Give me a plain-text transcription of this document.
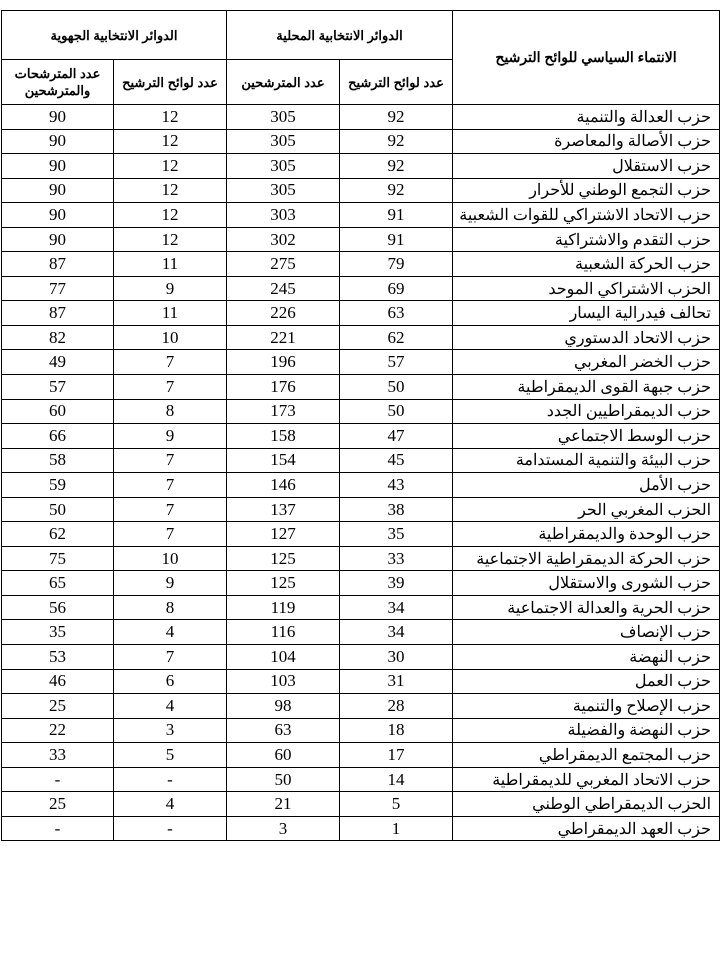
الدوائر الانتخابية الجهوية		الدوائر الانتخابية المحلية		الانتماء السياسي للوائح الترشيح
عدد المترشحات والمترشحين	عدد لوائح الترشيح	عدد المترشحين	عدد لوائح الترشيح	
90	12	305	92	حزب العدالة والتنمية
90	12	305	92	حزب الأصالة والمعاصرة
90	12	305	92	حزب الاستقلال
90	12	305	92	حزب التجمع الوطني للأحرار
90	12	303	91	حزب الاتحاد الاشتراكي للقوات الشعبية
90	12	302	91	حزب التقدم والاشتراكية
87	11	275	79	حزب الحركة الشعبية
77	9	245	69	الحزب الاشتراكي الموحد
87	11	226	63	تحالف فيدرالية اليسار
82	10	221	62	حزب الاتحاد الدستوري
49	7	196	57	حزب الخضر المغربي
57	7	176	50	حزب جبهة القوى الديمقراطية
60	8	173	50	حزب الديمقراطيين الجدد
66	9	158	47	حزب الوسط الاجتماعي
58	7	154	45	حزب البيئة والتنمية المستدامة
59	7	146	43	حزب الأمل
50	7	137	38	الحزب المغربي الحر
62	7	127	35	حزب الوحدة والديمقراطية
75	10	125	33	حزب الحركة الديمقراطية الاجتماعية
65	9	125	39	حزب الشورى والاستقلال
56	8	119	34	حزب الحرية والعدالة الاجتماعية
35	4	116	34	حزب الإنصاف
53	7	104	30	حزب النهضة
46	6	103	31	حزب العمل
25	4	98	28	حزب الإصلاح والتنمية
22	3	63	18	حزب النهضة والفضيلة
33	5	60	17	حزب المجتمع الديمقراطي
-	-	50	14	حزب الاتحاد المغربي للديمقراطية
25	4	21	5	الحزب الديمقراطي الوطني
-	-	3	1	حزب العهد الديمقراطي
